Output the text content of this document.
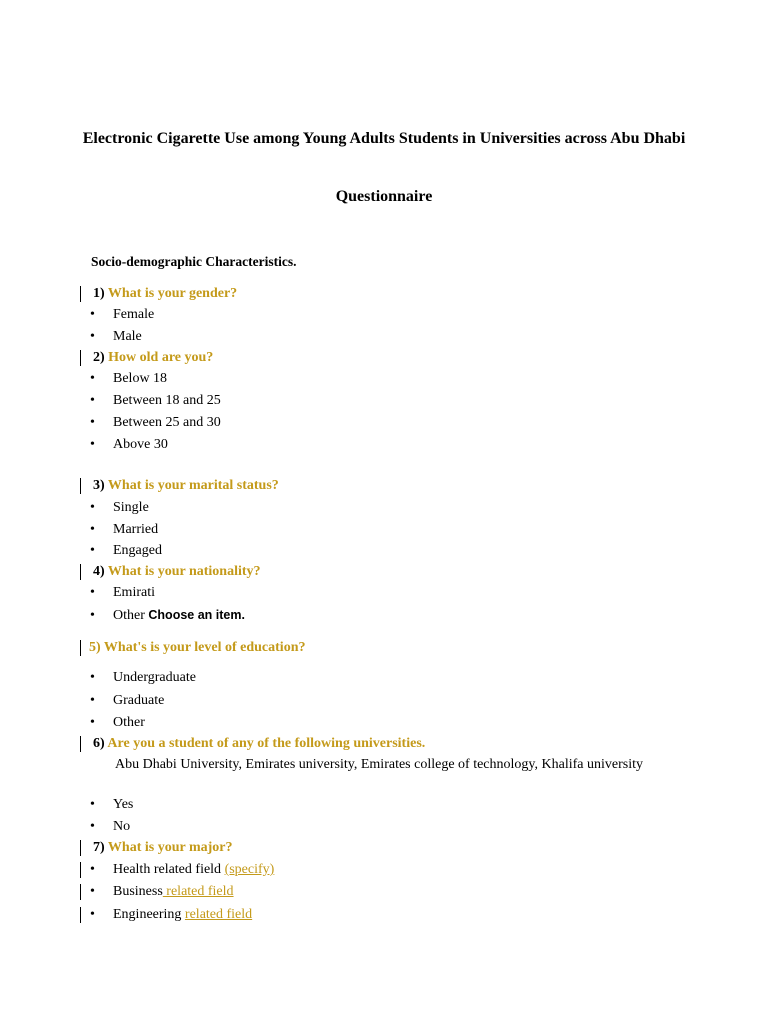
Electronic Cigarette Use among Young Adults Students in Universities across Abu Dhabi
Questionnaire
Socio-demographic Characteristics.
1) What is your gender?
• Female
• Male
2) How old are you?
• Below 18
• Between 18 and 25
• Between 25 and 30
• Above 30
3) What is your marital status?
• Single
• Married
• Engaged
4) What is your nationality?
• Emirati
• Other Choose an item.
5) What's is your level of education?
• Undergraduate
• Graduate
• Other
6) Are you a student of any of the following universities.
Abu Dhabi University, Emirates university, Emirates college of technology, Khalifa university
• Yes
• No
7) What is your major?
• Health related field (specify)
• Business related field
• Engineering related field
